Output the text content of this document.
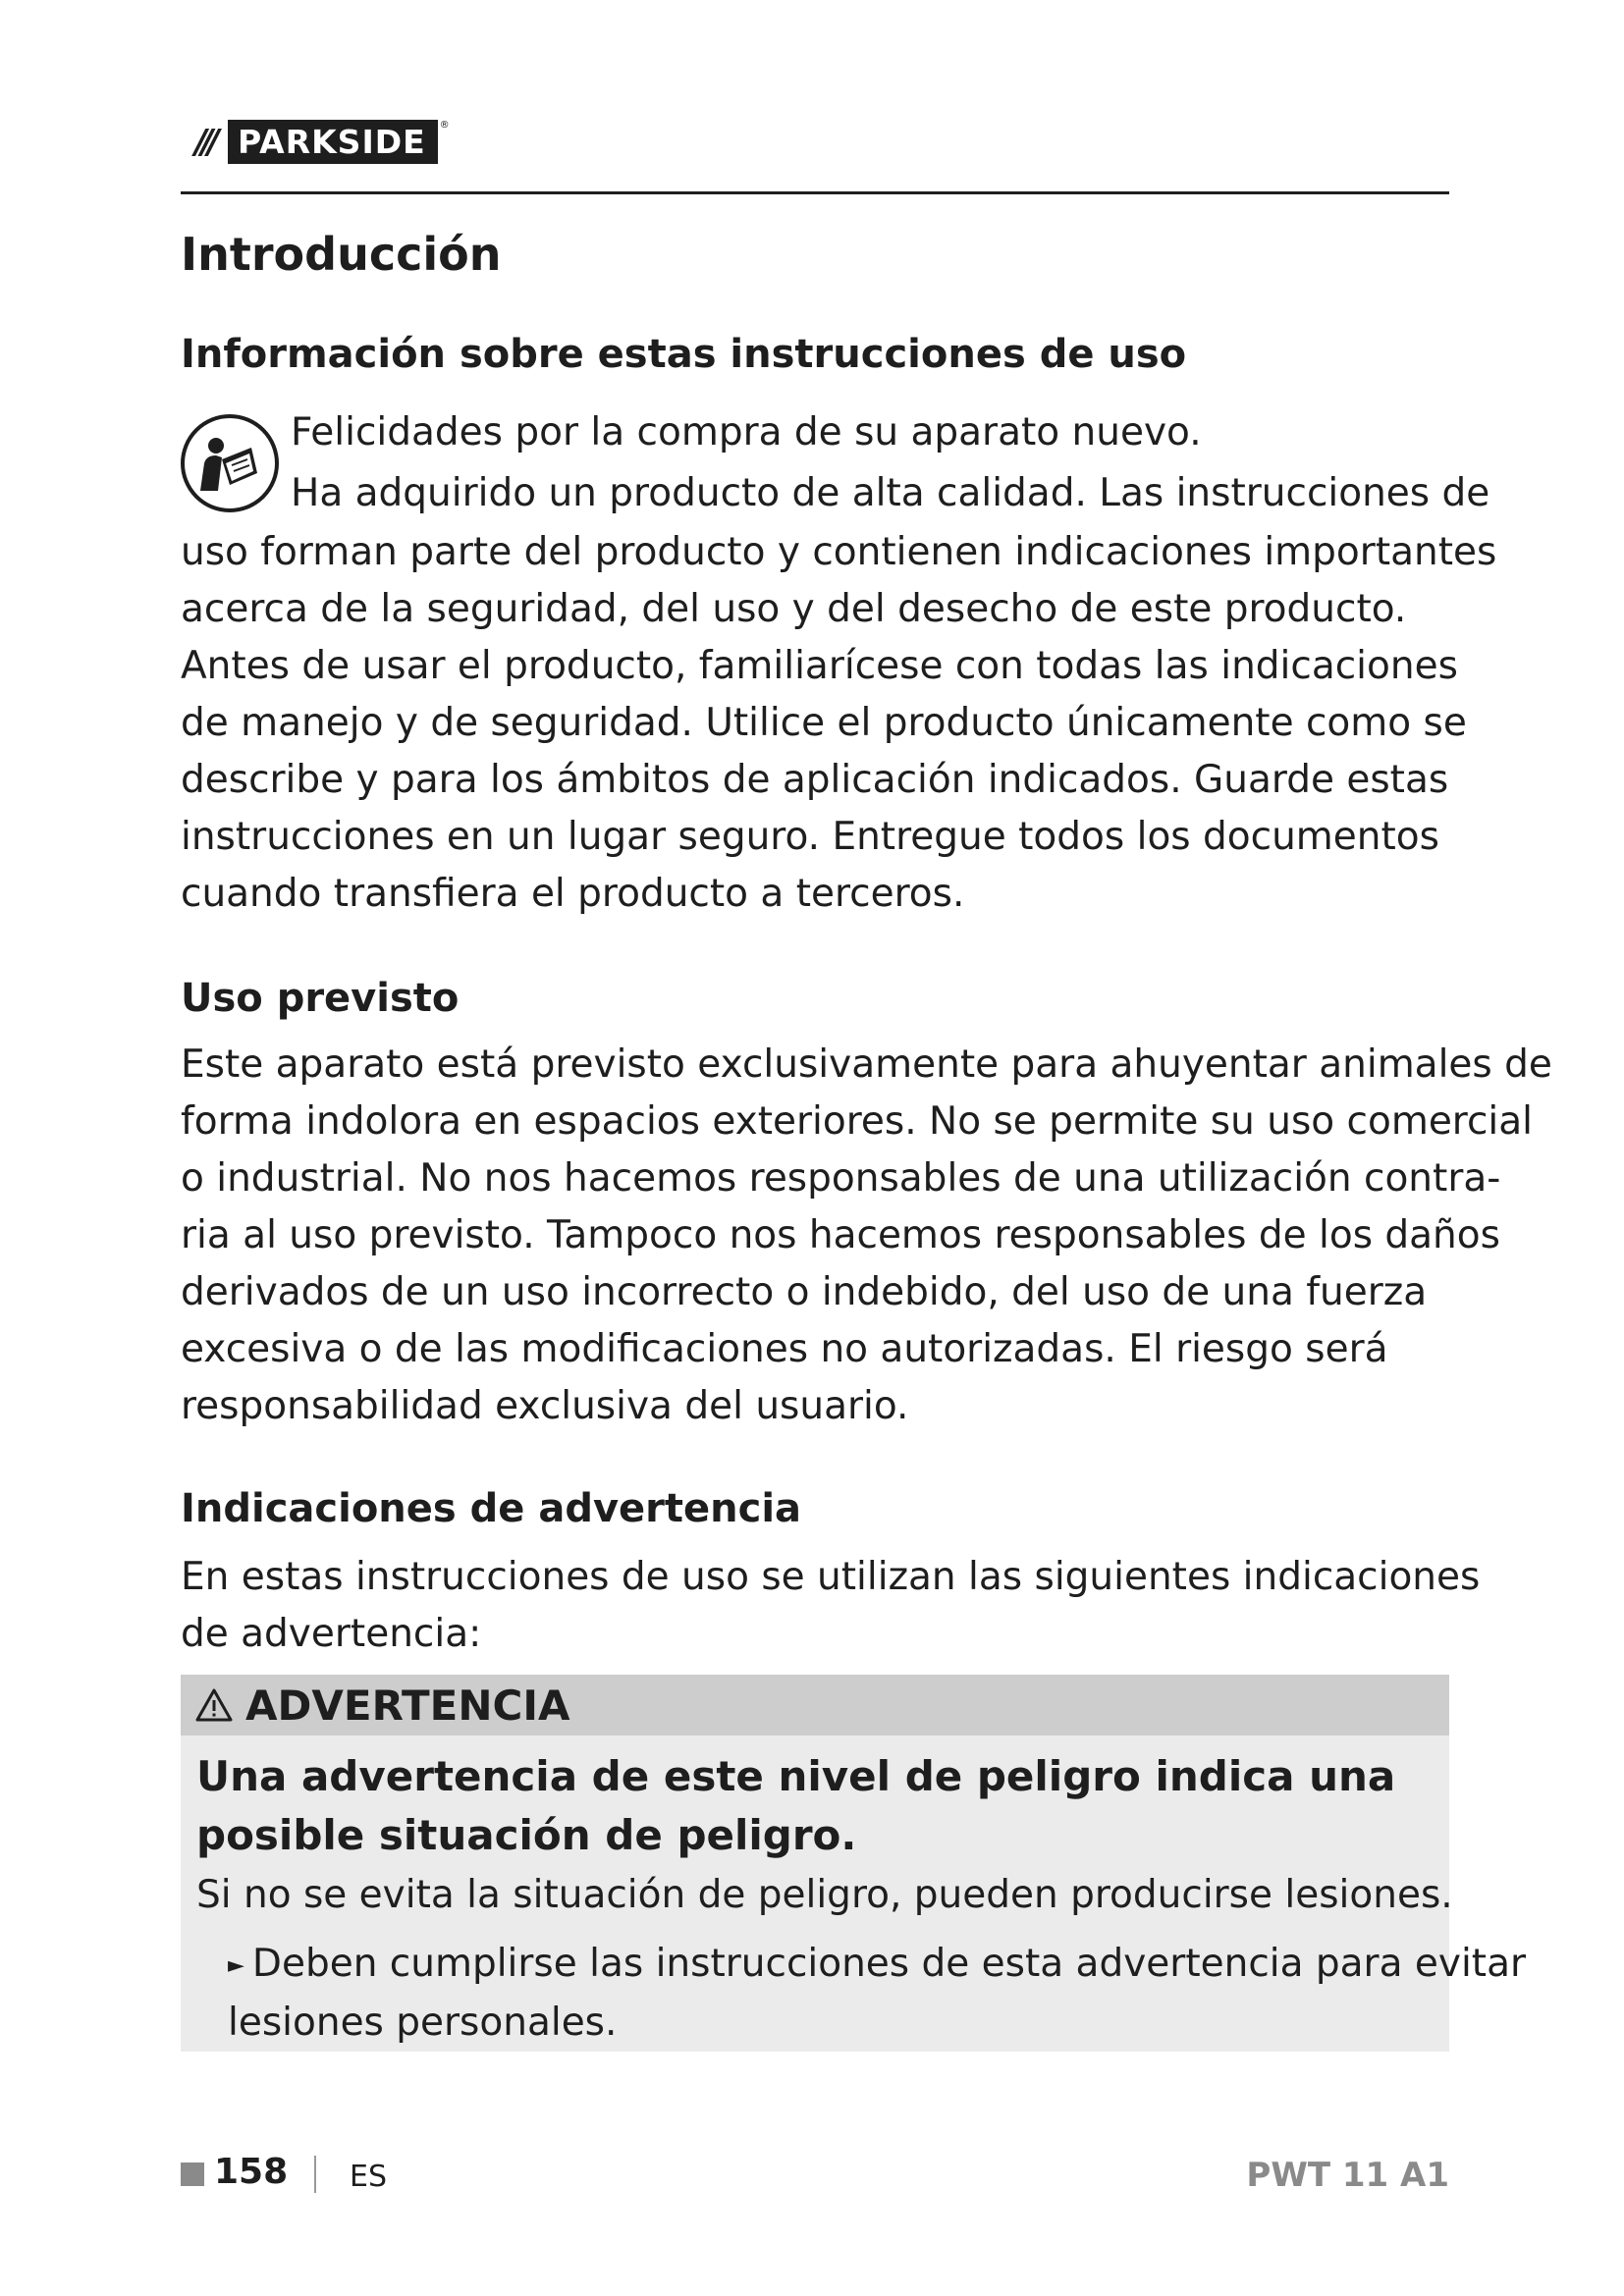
/// PARKSIDE	®
Introducción
Información sobre estas instrucciones de uso
Felicidades por la compra de su aparato nuevo.
Ha adquirido un producto de alta calidad. Las instrucciones de
uso forman parte del producto y contienen indicaciones importantes
acerca de la seguridad, del uso y del desecho de este producto.
Antes de usar el producto, familiarícese con todas las indicaciones
de manejo y de seguridad. Utilice el producto únicamente como se
describe y para los ámbitos de aplicación indicados. Guarde estas
instrucciones en un lugar seguro. Entregue todos los documentos
cuando transfiera el producto a terceros.
Uso previsto
Este aparato está previsto exclusivamente para ahuyentar animales de
forma indolora en espacios exteriores. No se permite su uso comercial
o industrial. No nos hacemos responsables de una utilización contra-
ria al uso previsto. Tampoco nos hacemos responsables de los daños
derivados de un uso incorrecto o indebido, del uso de una fuerza
excesiva o de las modificaciones no autorizadas. El riesgo será
responsabilidad exclusiva del usuario.
Indicaciones de advertencia
En estas instrucciones de uso se utilizan las siguientes indicaciones
de advertencia:
ADVERTENCIA
Una advertencia de este nivel de peligro indica una
posible situación de peligro.
Si no se evita la situación de peligro, pueden producirse lesiones.
► Deben cumplirse las instrucciones de esta advertencia para evitar
lesiones personales.
158 ES	PWT 11 A1
